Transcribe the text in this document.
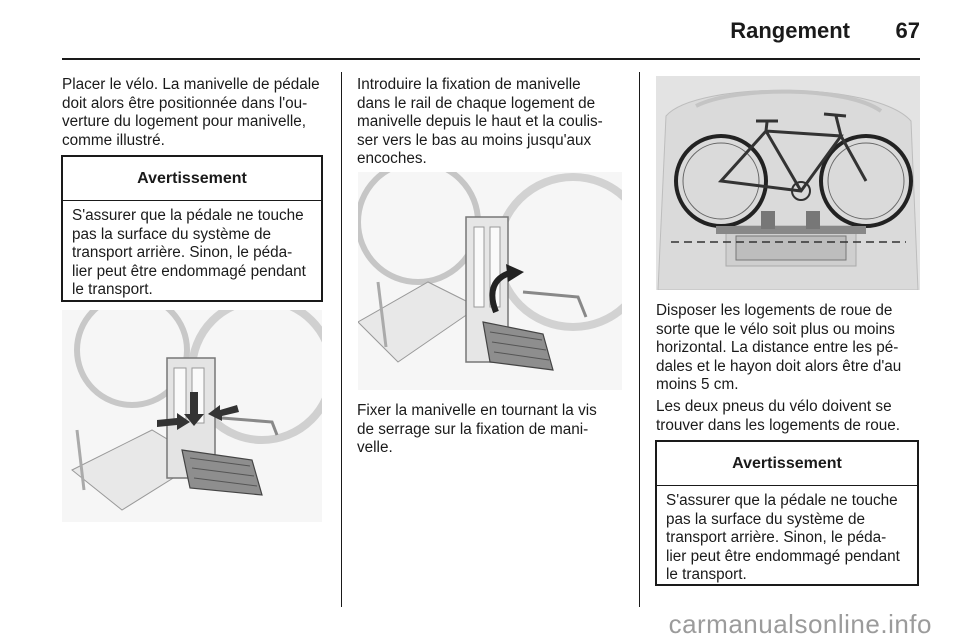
Rangement 67

Placer le vélo. La manivelle de pédale
doit alors être positionnée dans l'ou-
verture du logement pour manivelle,
comme illustré.

Avertissement
S'assurer que la pédale ne touche
pas la surface du système de
transport arrière. Sinon, le péda-
lier peut être endommagé pendant
le transport.

Introduire la fixation de manivelle
dans le rail de chaque logement de
manivelle depuis le haut et la coulis-
ser vers le bas au moins jusqu'aux
encoches.

Fixer la manivelle en tournant la vis
de serrage sur la fixation de mani-
velle.

Disposer les logements de roue de
sorte que le vélo soit plus ou moins
horizontal. La distance entre les pé-
dales et le hayon doit alors être d'au
moins 5 cm.

Les deux pneus du vélo doivent se
trouver dans les logements de roue.

Avertissement
S'assurer que la pédale ne touche
pas la surface du système de
transport arrière. Sinon, le péda-
lier peut être endommagé pendant
le transport.
carmanualsonline.info
